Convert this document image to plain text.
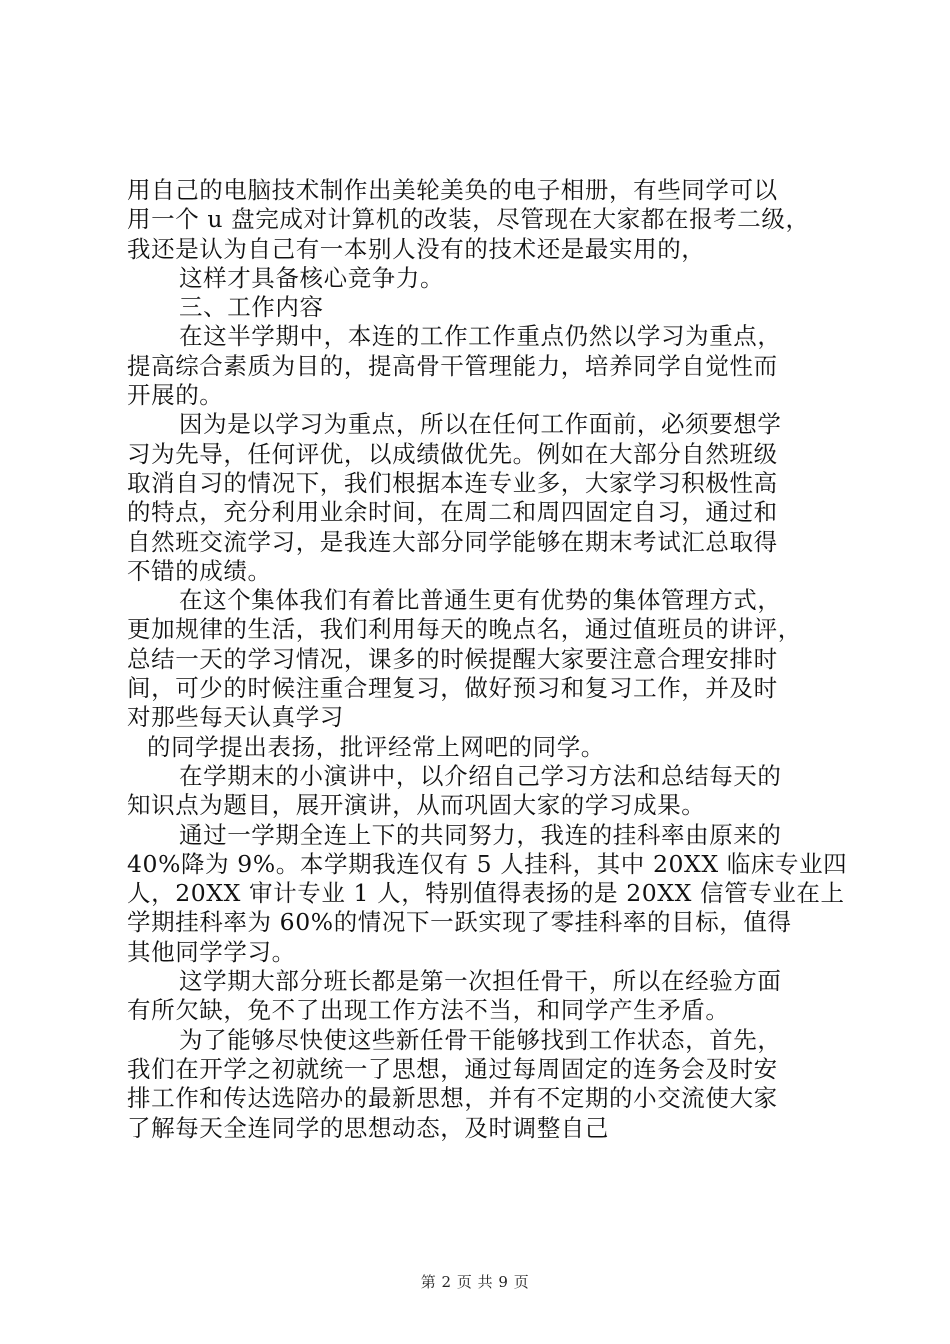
用自己的电脑技术制作出美轮美奂的电子相册，有些同学可以
用一个 u 盘完成对计算机的改装，尽管现在大家都在报考二级，
我还是认为自己有一本别人没有的技术还是最实用的，
这样才具备核心竞争力。
三、工作内容
在这半学期中，本连的工作工作重点仍然以学习为重点，
提高综合素质为目的，提高骨干管理能力，培养同学自觉性而
开展的。
因为是以学习为重点，所以在任何工作面前，必须要想学
习为先导，任何评优，以成绩做优先。例如在大部分自然班级
取消自习的情况下，我们根据本连专业多，大家学习积极性高
的特点，充分利用业余时间，在周二和周四固定自习，通过和
自然班交流学习，是我连大部分同学能够在期末考试汇总取得
不错的成绩。
在这个集体我们有着比普通生更有优势的集体管理方式，
更加规律的生活，我们利用每天的晚点名，通过值班员的讲评，
总结一天的学习情况，课多的时候提醒大家要注意合理安排时
间，可少的时候注重合理复习，做好预习和复习工作，并及时
对那些每天认真学习
的同学提出表扬，批评经常上网吧的同学。
在学期末的小演讲中，以介绍自己学习方法和总结每天的
知识点为题目，展开演讲，从而巩固大家的学习成果。
通过一学期全连上下的共同努力，我连的挂科率由原来的
40%降为 9%。本学期我连仅有 5 人挂科，其中 20XX 临床专业四
人，20XX 审计专业 1 人，特别值得表扬的是 20XX 信管专业在上
学期挂科率为 60%的情况下一跃实现了零挂科率的目标，值得
其他同学学习。
这学期大部分班长都是第一次担任骨干，所以在经验方面
有所欠缺，免不了出现工作方法不当，和同学产生矛盾。
为了能够尽快使这些新任骨干能够找到工作状态，首先，
我们在开学之初就统一了思想，通过每周固定的连务会及时安
排工作和传达选陪办的最新思想，并有不定期的小交流使大家
了解每天全连同学的思想动态，及时调整自己
第 2 页 共 9 页
